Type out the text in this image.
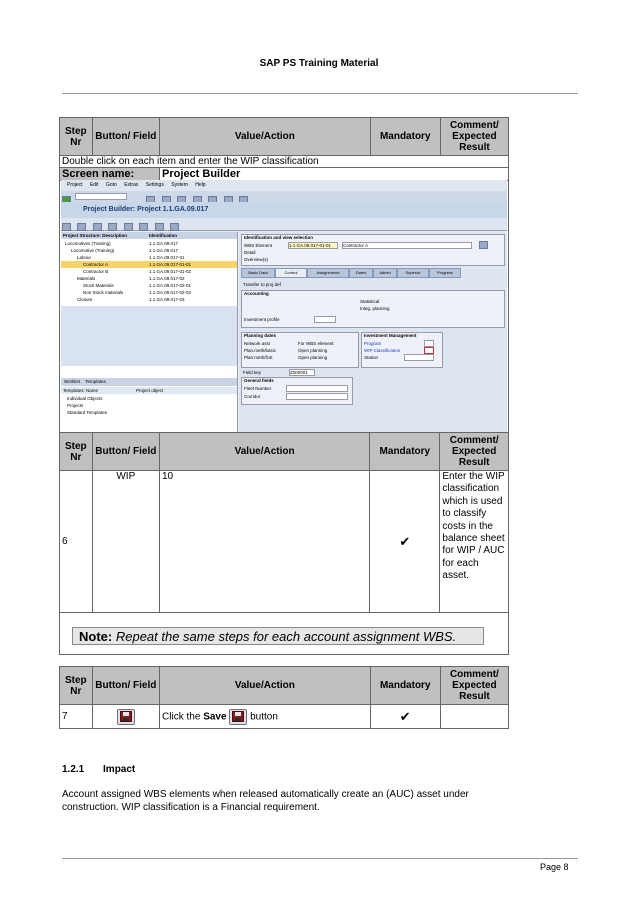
SAP PS Training Material
Step Nr	Button/ Field	Value/Action	Mandatory	Comment/ Expected Result
Double click on each item and enter the WIP classification				
Screen name:		Project Builder		

Project Edit Goto Extras Settings System Help

Project Builder: Project 1.1.GA.09.017

Project Structure: Description	Identification
Locomotives (Training)	1.1.GA.09.017
Locomotive (Training)	1.1.GA.09.017
Labour	1.1.GA.09.017-01
Contractor A	1.1.GA.09.017-01-01
Contractor B	1.1.GA.09.017-01-02
Materials	1.1.GA.09.017-02
Stock Materials	1.1.GA.09.017-02-01
Non Stock materials	1.1.GA.09.017-02-02
Closure	1.1.GA.09.017-03
Worklist Templates
Templates: Name	Project object
Individual Objects
Projects
Standard Templates
Identification and view selection
WBS Element	1.1.GA.09.017-01-01	Contractor A
Detail
Overview(s)
Basic Data	Control	Assignments	Dates	Admin	Superior	Progress
Transfer to proj def
Accounting
Statistical
Integ. planning
Investment profile
Planning dates
Network asst	For WBS element
Plan.meth/basic	Open planning
Plan.meth/fcst	Open planning
Investment Management
Program
WIP Classification
Station
Field key	Z000001
General fields
Fleet Number
Corridor
Step Nr	Button/ Field	Value/Action	Mandatory	Comment/ Expected Result
6	WIP	10	✔	Enter the WIP classification which is used to classify costs in the balance sheet for WIP / AUC for each asset.

Note: Repeat the same steps for each account assignment WBS.
Step Nr	Button/ Field	Value/Action	Mandatory	Comment/ Expected Result
7		Click the Save button	✔	
1.2.1 Impact
Account assigned WBS elements when released automatically create an (AUC) asset under construction. WIP classification is a Financial requirement.
Page 8
